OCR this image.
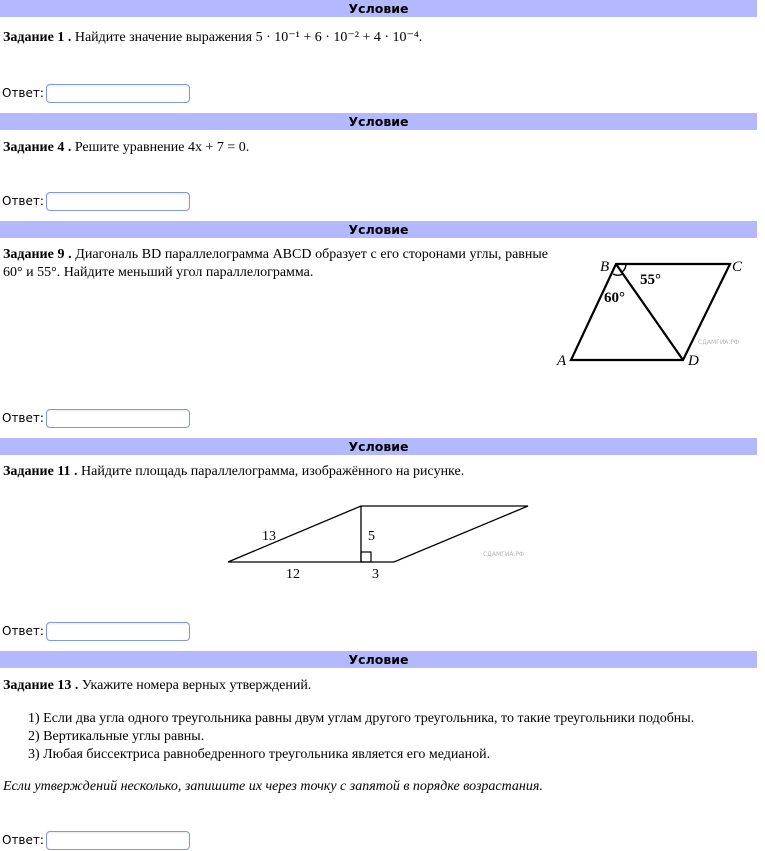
Условие
Задание 1 . Найдите значение выражения 5 · 10⁻¹ + 6 · 10⁻² + 4 · 10⁻⁴.
Ответ:
Условие
Задание 4 . Решите уравнение 4x + 7 = 0.
Ответ:
Условие
Задание 9 . Диагональ BD параллелограмма ABCD образует с его сторонами углы, равные 60° и 55°. Найдите меньший угол параллелограмма.	B	C
A	D
55°
60°
СДАМГИА.РФ
Ответ:
Условие
Задание 11 . Найдите площадь параллелограмма, изображённого на рисунке.
13	5
12	3
СДАМГИА.РФ
Ответ:
Условие
Задание 13 . Укажите номера верных утверждений.
1) Если два угла одного треугольника равны двум углам другого треугольника, то такие треугольники подобны.
2) Вертикальные углы равны.
3) Любая биссектриса равнобедренного треугольника является его медианой.
Если утверждений несколько, запишите их через точку с запятой в порядке возрастания.
Ответ:
